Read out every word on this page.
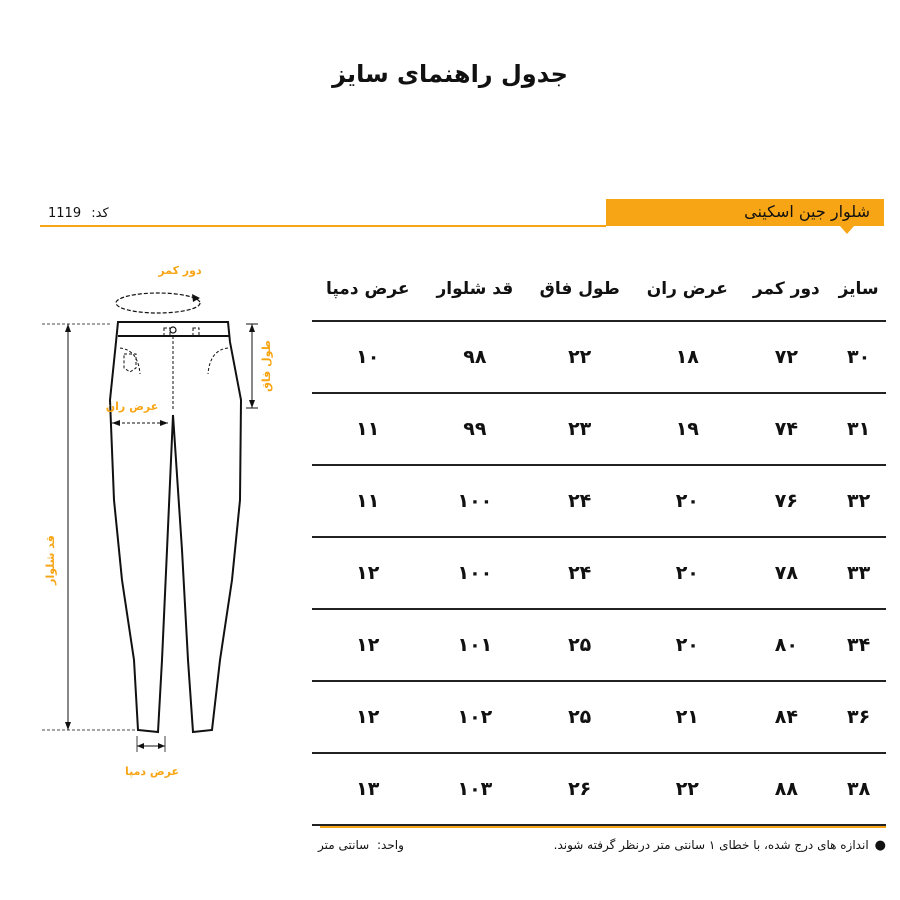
جدول راهنمای سایز
شلوار جین اسکینی
کد: 1119
دور کمر
طول فاق
عرض ران
قد شلوار
عرض دمپا
سایز	دور کمر	عرض ران	طول فاق	قد شلوار	عرض دمپا
۳۰	۷۲	۱۸	۲۲	۹۸	۱۰
۳۱	۷۴	۱۹	۲۳	۹۹	۱۱
۳۲	۷۶	۲۰	۲۴	۱۰۰	۱۱
۳۳	۷۸	۲۰	۲۴	۱۰۰	۱۲
۳۴	۸۰	۲۰	۲۵	۱۰۱	۱۲
۳۶	۸۴	۲۱	۲۵	۱۰۲	۱۲
۳۸	۸۸	۲۲	۲۶	۱۰۳	۱۳
●اندازه های درج شده، با خطای ۱ سانتی متر درنظر گرفته شوند.
واحد: سانتی متر
